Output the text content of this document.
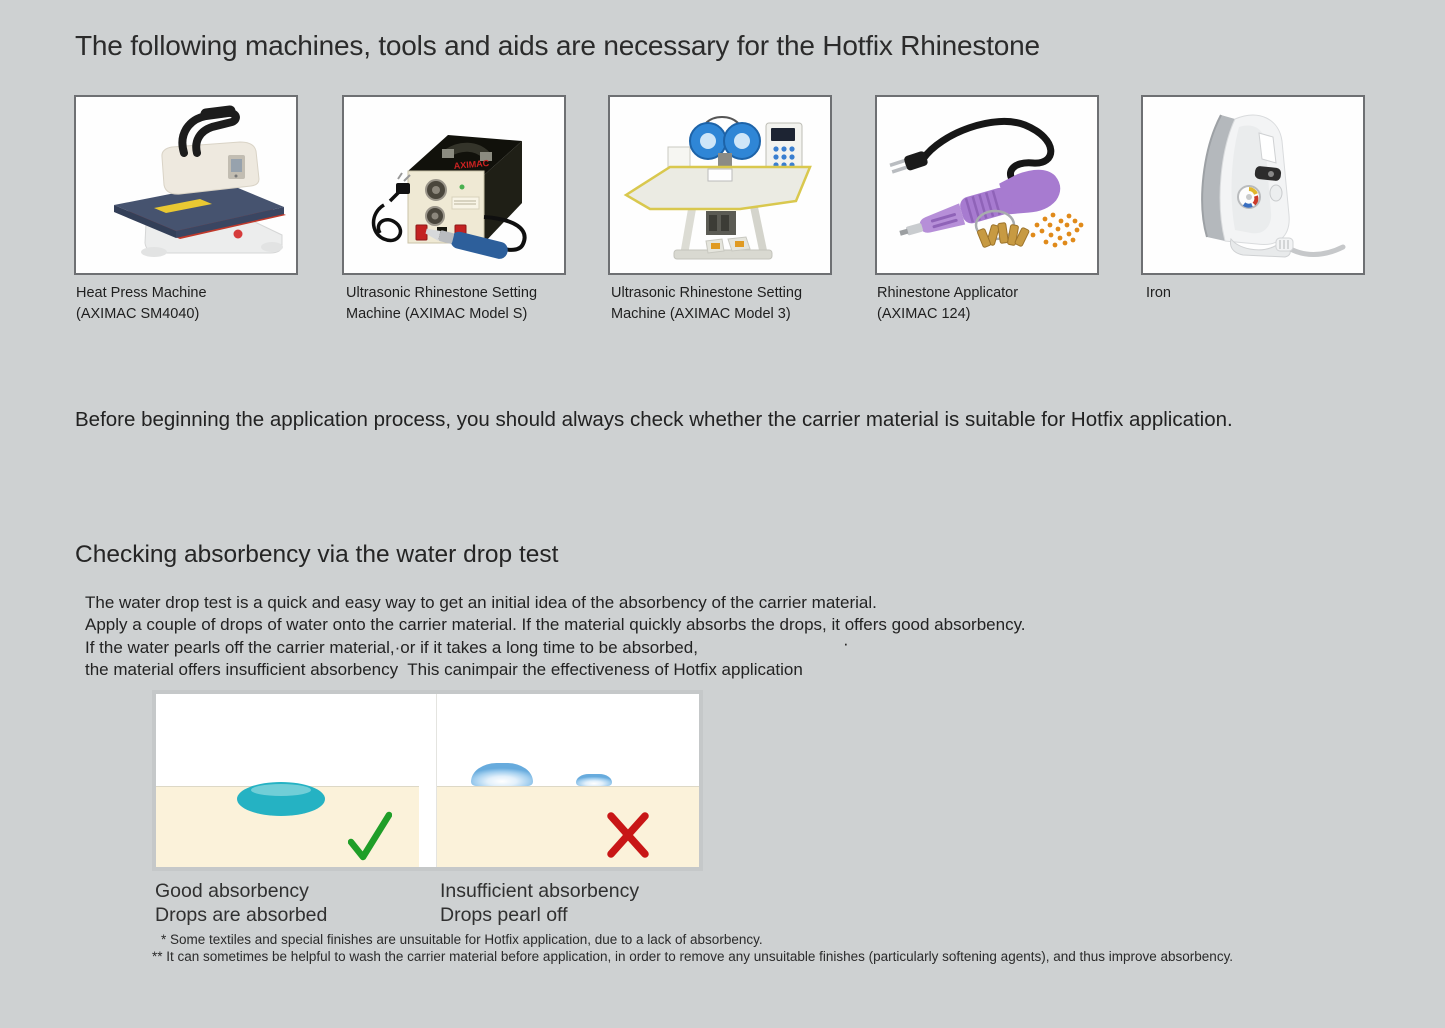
The following machines, tools and aids are necessary for the Hotfix Rhinestone
AXIMAC
Heat Press Machine
(AXIMAC SM4040)
Ultrasonic Rhinestone Setting
Machine (AXIMAC Model S)
Ultrasonic Rhinestone Setting
Machine (AXIMAC Model 3)
Rhinestone Applicator
(AXIMAC 124)
Iron
Before beginning the application process, you should always check whether the carrier material is suitable for Hotfix application.
Checking absorbency via the water drop test
The water drop test is a quick and easy way to get an initial idea of the absorbency of the carrier material.
Apply a couple of drops of water onto the carrier material. If the material quickly absorbs the drops, it offers good absorbency.
If the water pearls off the carrier material,·or if it takes a long time to be absorbed,
the material offers insufficient absorbency  This canimpair the effectiveness of Hotfix application
·
Good absorbency
Drops are absorbed
Insufficient absorbency
Drops pearl off
* Some textiles and special finishes are unsuitable for Hotfix application, due to a lack of absorbency.
** It can sometimes be helpful to wash the carrier material before application, in order to remove any unsuitable finishes (particularly softening agents), and thus improve absorbency.
